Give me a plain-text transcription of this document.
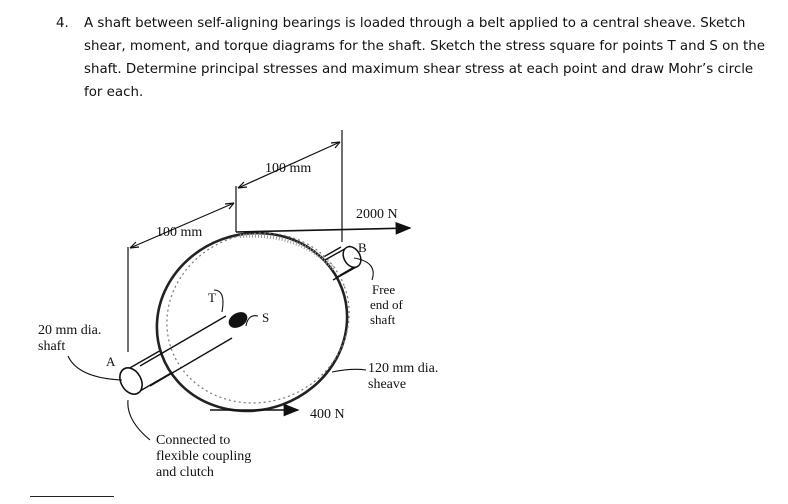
4. A shaft between self-aligning bearings is loaded through a belt applied to a central sheave. Sketch shear, moment, and torque diagrams for the shaft. Sketch the stress square for points T and S on the shaft. Determine principal stresses and maximum shear stress at each point and draw Mohr’s circle for each.
100 mm
100 mm
2000 N
B
Free
end of
shaft
T
S
20 mm dia.
shaft
A	120 mm dia.
sheave
400 N
Connected to
flexible coupling
and clutch
